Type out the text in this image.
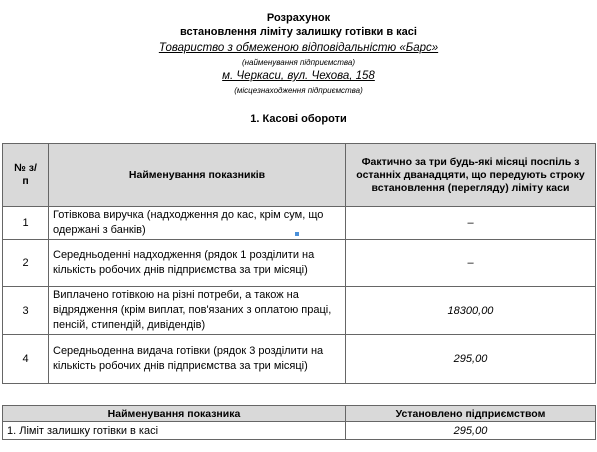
Розрахунок
встановлення ліміту залишку готівки в касі
Товариство з обмеженою відповідальністю «Барс»
(найменування підприємства)
м. Черкаси, вул. Чехова, 158
(місцезнаходження підприємства)
1. Касові обороти
№ з/п	Найменування показників	Фактично за три будь-які місяці поспіль з останніх дванадцяти, що передують строку встановлення (перегляду) ліміту каси
1	Готівкова виручка (надходження до кас, крім сум, що одержані з банків)	–
2	Середньоденні надходження (рядок 1 розділити на кількість робочих днів підприємства за три місяці)	–
3	Виплачено готівкою на різні потреби, а також на відрядження (крім виплат, пов'язаних з оплатою праці, пенсій, стипендій, дивідендів)	18300,00
4	Середньоденна видача готівки (рядок 3 розділити на кількість робочих днів підприємства за три місяці)	295,00
Найменування показника	Установлено підприємством
1. Ліміт залишку готівки в касі	295,00
